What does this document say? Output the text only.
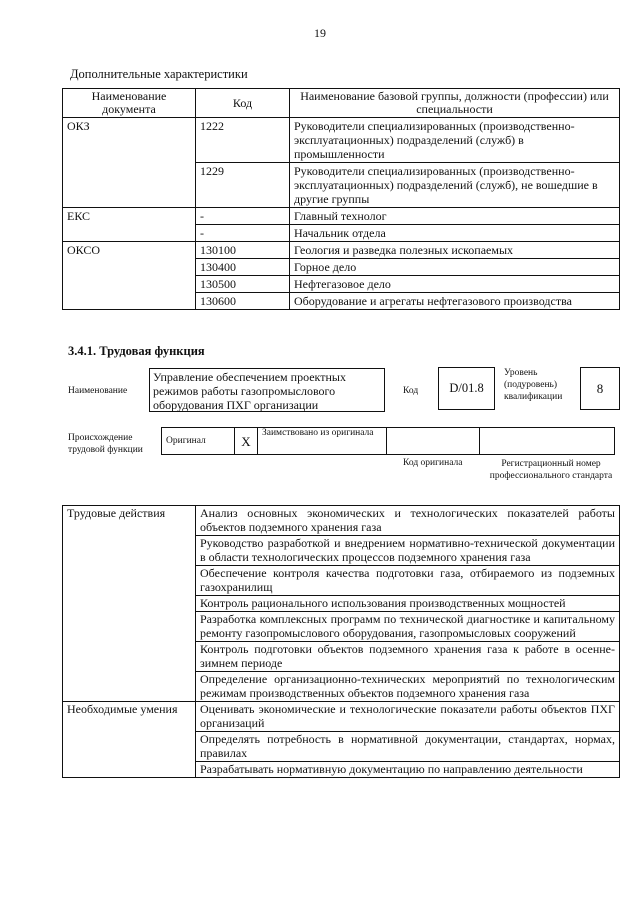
19
Дополнительные характеристики
Наименование документа	Код	Наименование базовой группы, должности (профессии) или специальности
ОКЗ	1222	Руководители специализированных (производственно-эксплуатационных) подразделений (служб) в промышленности
	1229	Руководители специализированных (производственно-эксплуатационных) подразделений (служб), не вошедшие в другие группы
ЕКС	-	Главный технолог
	-	Начальник отдела
ОКСО	130100	Геология и разведка полезных ископаемых
	130400	Горное дело
	130500	Нефтегазовое дело
	130600	Оборудование и агрегаты нефтегазового производства
3.4.1. Трудовая функция
Наименование
Управление обеспечением проектных режимов работы газопромыслового оборудования ПХГ организации
Код	D/01.8
Уровень (подуровень) квалификации
8
Происхождение трудовой функции
Оригинал	X	Заимствовано из оригинала		
Код оригинала	Регистрационный номер профессионального стандарта
Трудовые действия	Анализ основных экономических и технологических показателей работы объектов подземного хранения газа
	Руководство разработкой и внедрением нормативно-технической документации в области технологических процессов подземного хранения газа
	Обеспечение контроля качества подготовки газа, отбираемого из подземных газохранилищ
	Контроль рационального использования производственных мощностей
	Разработка комплексных программ по технической диагностике и капитальному ремонту газопромыслового оборудования, газопромысловых сооружений
	Контроль подготовки объектов подземного хранения газа к работе в осенне-зимнем периоде
	Определение организационно-технических мероприятий по технологическим режимам производственных объектов подземного хранения газа
Необходимые умения	Оценивать экономические и технологические показатели работы объектов ПХГ организаций
	Определять потребность в нормативной документации, стандартах, нормах, правилах
	Разрабатывать нормативную документацию по направлению деятельности
